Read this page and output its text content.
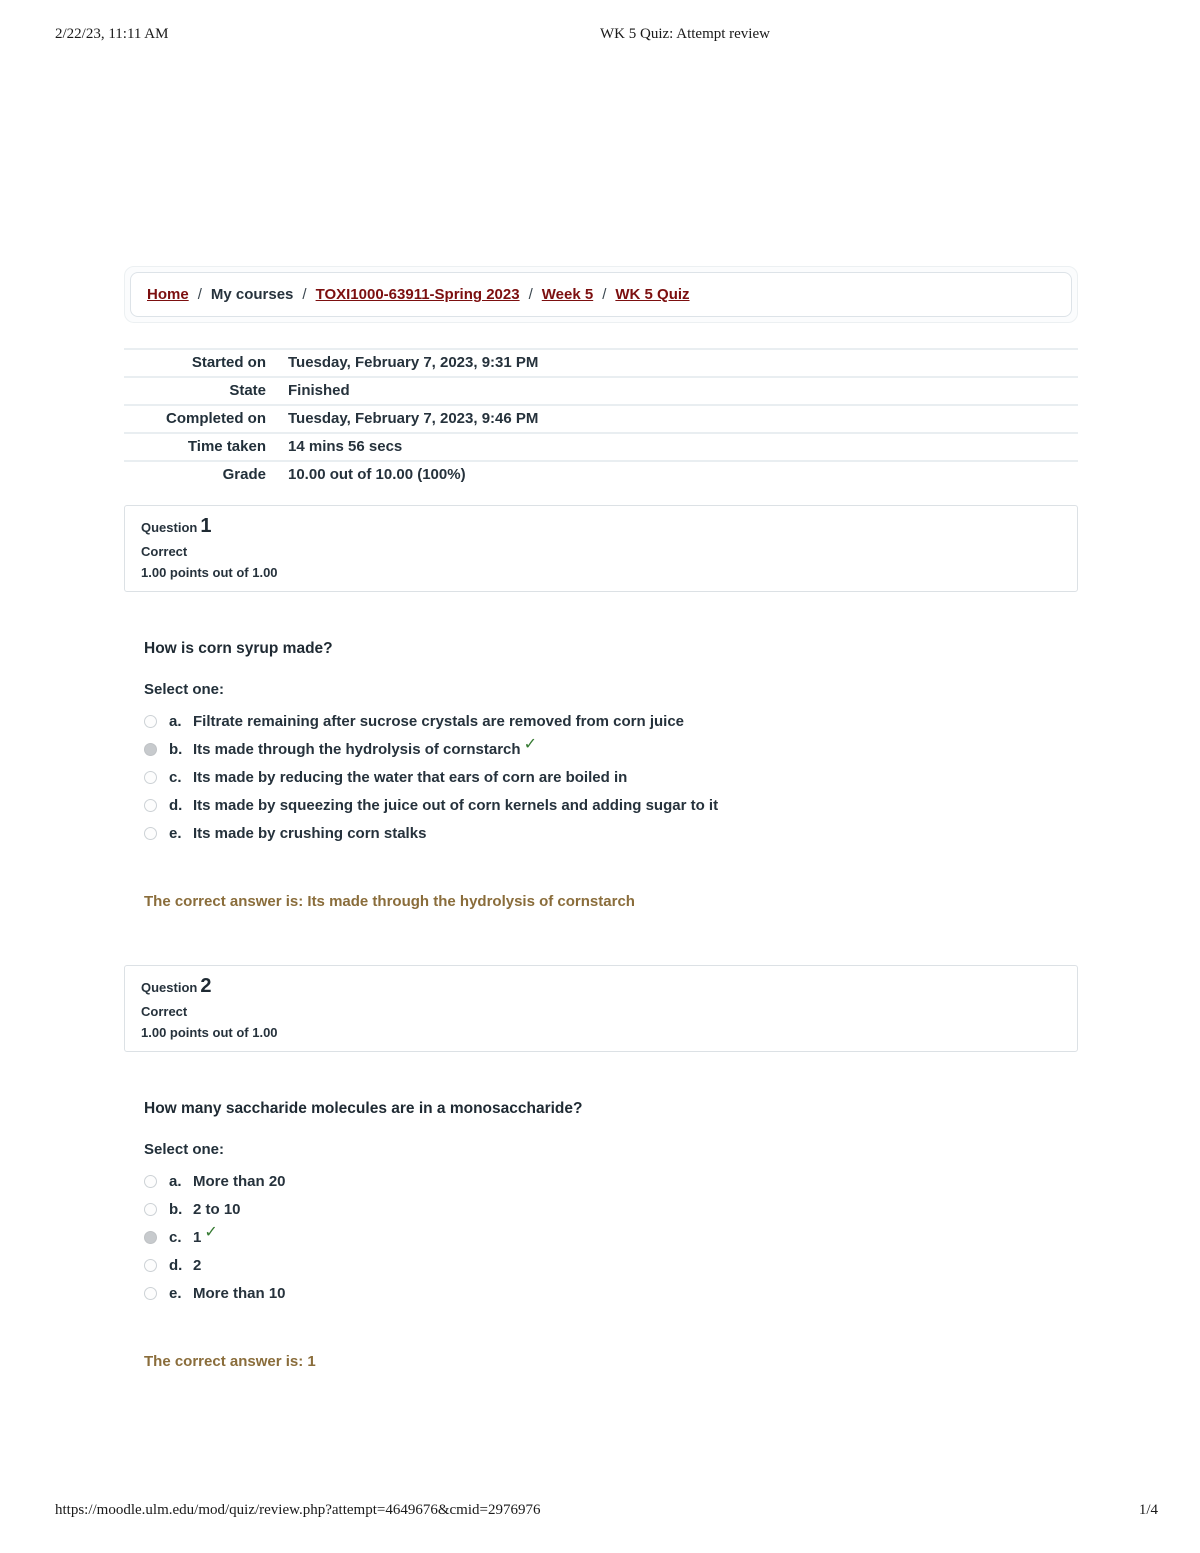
2/22/23, 11:11 AM	WK 5 Quiz: Attempt review
Home / My courses / TOXI1000-63911-Spring 2023 / Week 5 / WK 5 Quiz
Started on	Tuesday, February 7, 2023, 9:31 PM
State	Finished
Completed on	Tuesday, February 7, 2023, 9:46 PM
Time taken	14 mins 56 secs
Grade	10.00 out of 10.00 (100%)
Question 1
Correct
1.00 points out of 1.00
How is corn syrup made?
Select one:
a. Filtrate remaining after sucrose crystals are removed from corn juice
b. Its made through the hydrolysis of cornstarch ✓
c. Its made by reducing the water that ears of corn are boiled in
d. Its made by squeezing the juice out of corn kernels and adding sugar to it
e. Its made by crushing corn stalks
The correct answer is: Its made through the hydrolysis of cornstarch
Question 2
Correct
1.00 points out of 1.00
How many saccharide molecules are in a monosaccharide?
Select one:
a. More than 20
b. 2 to 10
c. 1 ✓
d. 2
e. More than 10
The correct answer is: 1
https://moodle.ulm.edu/mod/quiz/review.php?attempt=4649676&cmid=2976976	1/4
